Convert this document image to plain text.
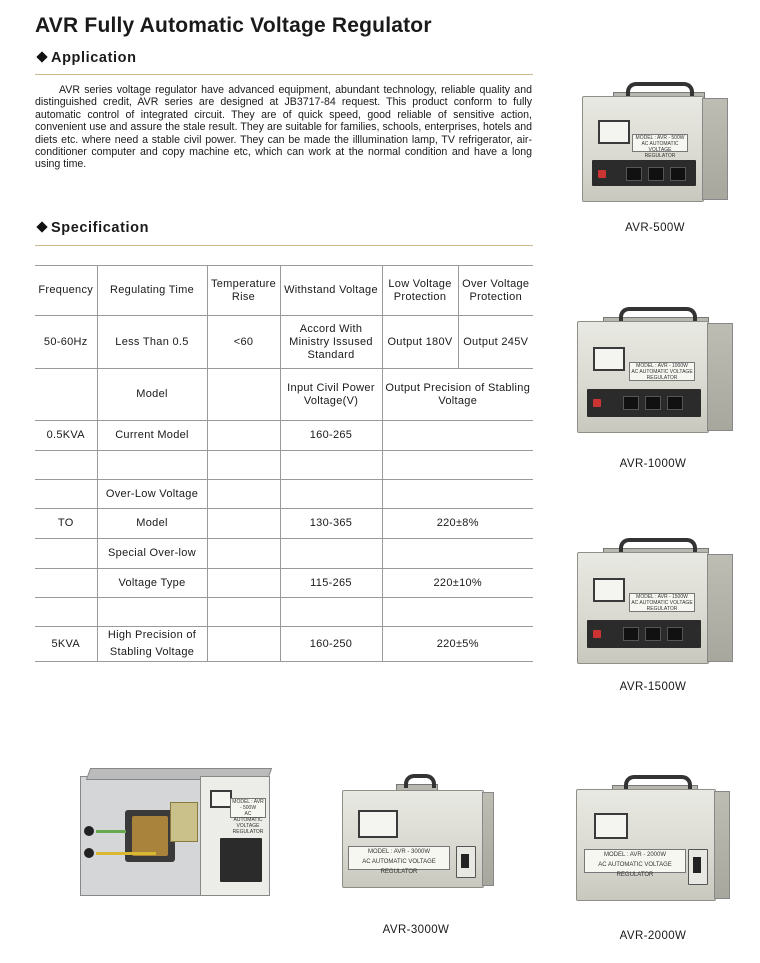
AVR Fully Automatic Voltage Regulator
Application
AVR series voltage regulator have advanced equipment, abundant technology, reliable quality and distinguished credit, AVR series are designed at JB3717-84 request. This product conform to fully automatic control of integrated circuit. They are of quick speed, good reliable of sensitive action, convenient use and assure the stale result. They are suitable for families, schools, enterprises, hotels and diets etc. where need a stable civil power. They can be made the illlumination lamp, TV refrigerator, air-conditioner computer and copy machine etc, which can work at the normal condition and have a long using time.
Specification
Frequency	Regulating Time	Temperature Rise	Withstand Voltage	Low Voltage Protection	Over Voltage Protection
50-60Hz	Less Than 0.5	<60	Accord With Ministry Issused Standard	Output 180V	Output 245V
	Model		Input Civil Power Voltage(V)	Output Precision of Stabling Voltage	
0.5KVA	Current Model		160-265		

	Over-Low Voltage				
TO	Model		130-365	220±8%	
	Special Over-low				
	Voltage Type		115-265	220±10%	

5KVA	High Precision of Stabling Voltage		160-250	220±5%	
MODEL : AVR - 500W
AC AUTOMATIC VOLTAGE REGULATOR
AVR-500W
MODEL : AVR - 1000W
AC AUTOMATIC VOLTAGE REGULATOR
AVR-1000W
MODEL : AVR - 1500W
AC AUTOMATIC VOLTAGE REGULATOR
AVR-1500W
MODEL : AVR - 500W
AC AUTOMATIC VOLTAGE REGULATOR
MODEL : AVR - 3000W
AC AUTOMATIC VOLTAGE REGULATOR
AVR-3000W
MODEL : AVR - 2000W
AC AUTOMATIC VOLTAGE REGULATOR
AVR-2000W
